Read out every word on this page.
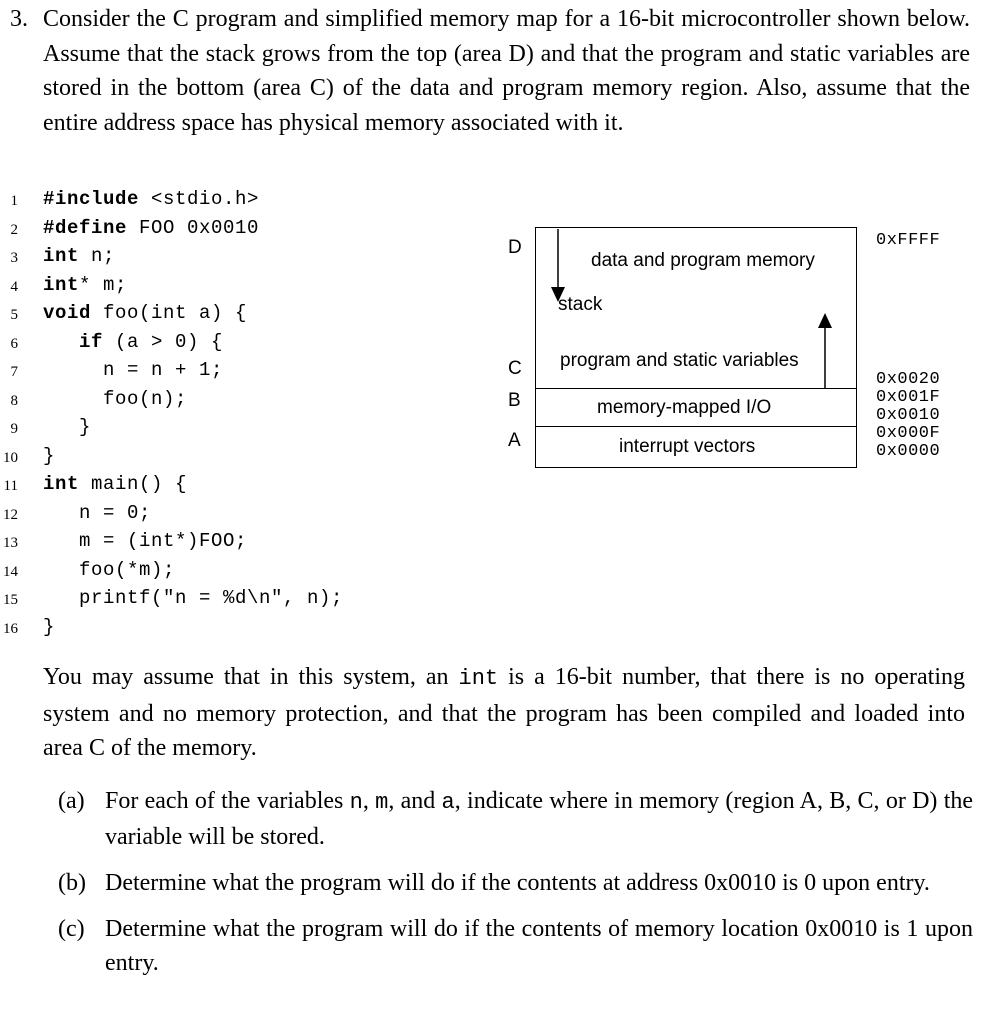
3. Consider the C program and simplified memory map for a 16-bit microcontroller shown below. Assume that the stack grows from the top (area D) and that the program and static variables are stored in the bottom (area C) of the data and program memory region. Also, assume that the entire address space has physical memory associated with it.
1 #include <stdio.h>
2 #define FOO 0x0010
3 int n;
4 int* m;
5 void foo(int a) {
6	if (a > 0) {
7	n = n + 1;
8	foo(n);
9	}
10 }
11 int main() {
12	n = 0;
13	m = (int*)FOO;
14	foo(*m);
15	printf("n = %d\n", n);
16 }
D
C
B
A
data and program memory
stack
program and static variables
memory-mapped I/O
interrupt vectors
0xFFFF
0x0020
0x001F
0x0010
0x000F
0x0000
You may assume that in this system, an int is a 16-bit number, that there is no operating system and no memory protection, and that the program has been compiled and loaded into area C of the memory.
(a) For each of the variables n, m, and a, indicate where in memory (region A, B, C, or D) the variable will be stored.
(b) Determine what the program will do if the contents at address 0x0010 is 0 upon entry.
(c) Determine what the program will do if the contents of memory location 0x0010 is 1 upon entry.
